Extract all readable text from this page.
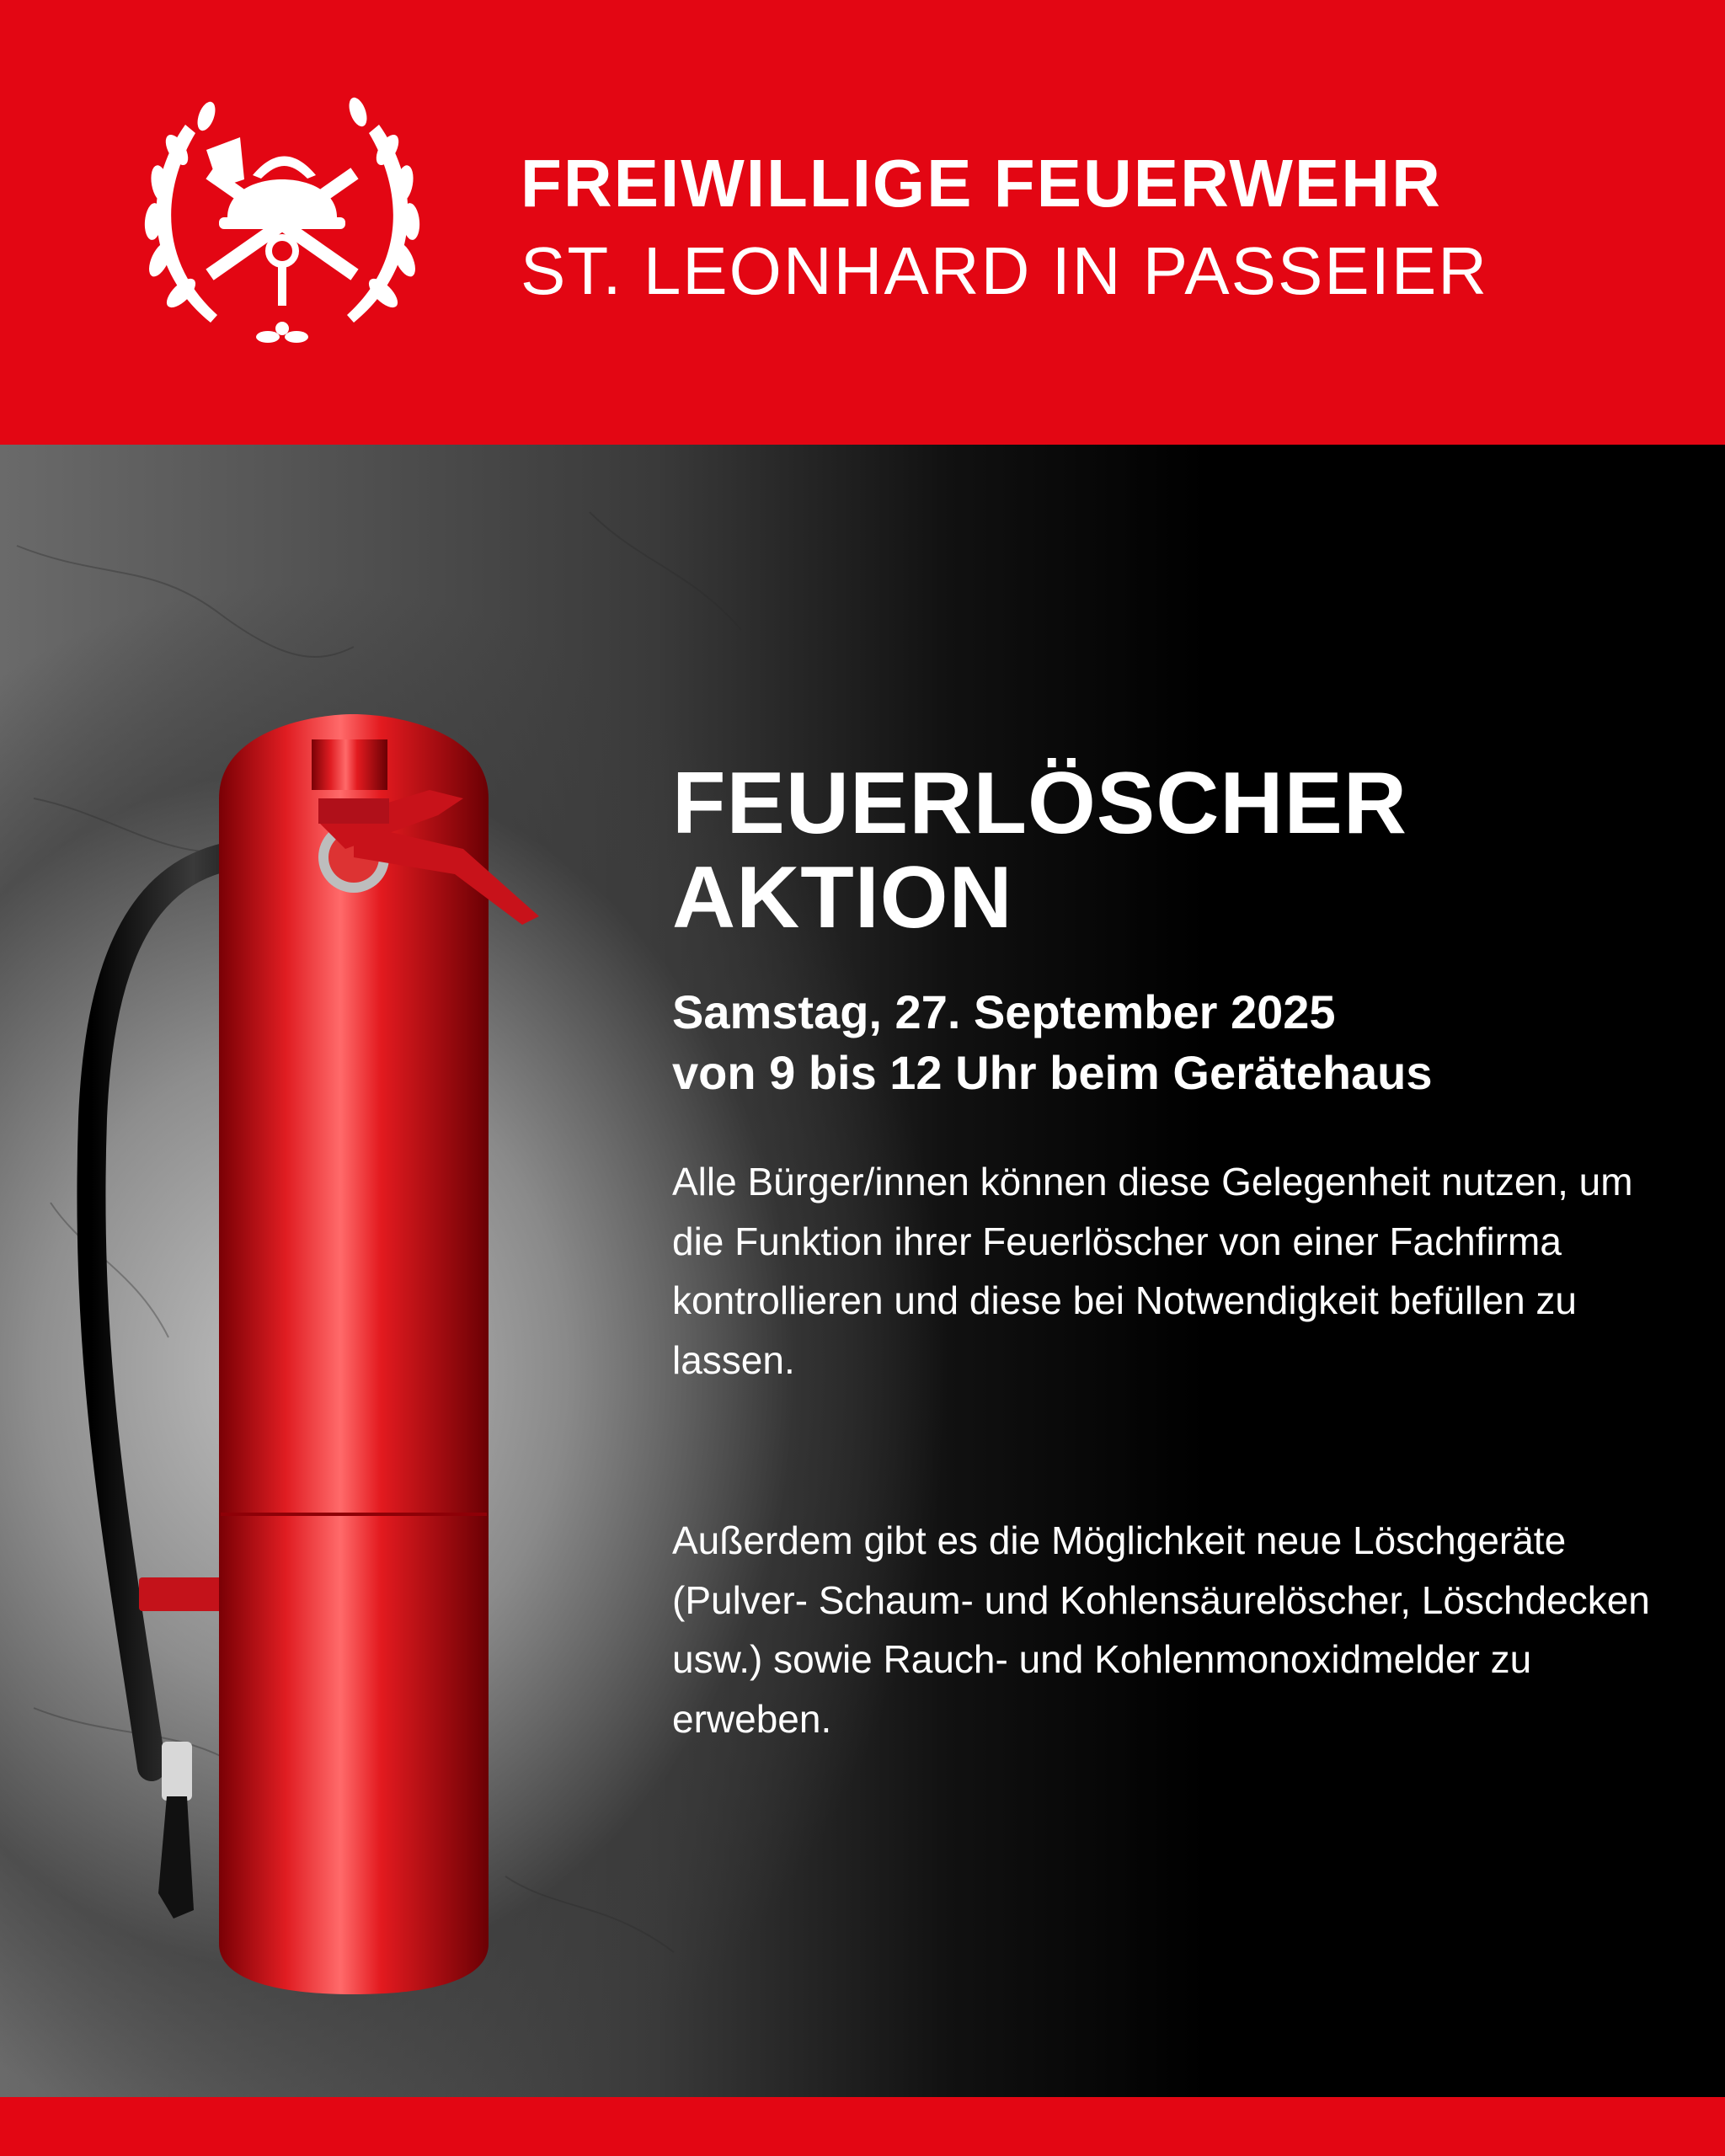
FREIWILLIGE FEUERWEHR
ST. LEONHARD IN PASSEIER
FEUERLÖSCHER
AKTION
Samstag, 27. September 2025
von 9 bis 12 Uhr beim Gerätehaus
Alle Bürger/innen können diese Gelegenheit nutzen, um die Funktion ihrer Feuerlöscher von einer Fachfirma kontrollieren und diese bei Notwendigkeit befüllen zu lassen.
Außerdem gibt es die Möglichkeit neue Löschgeräte (Pulver- Schaum- und Kohlensäurelöscher, Löschdecken usw.) sowie Rauch- und Kohlenmonoxidmelder zu erweben.
